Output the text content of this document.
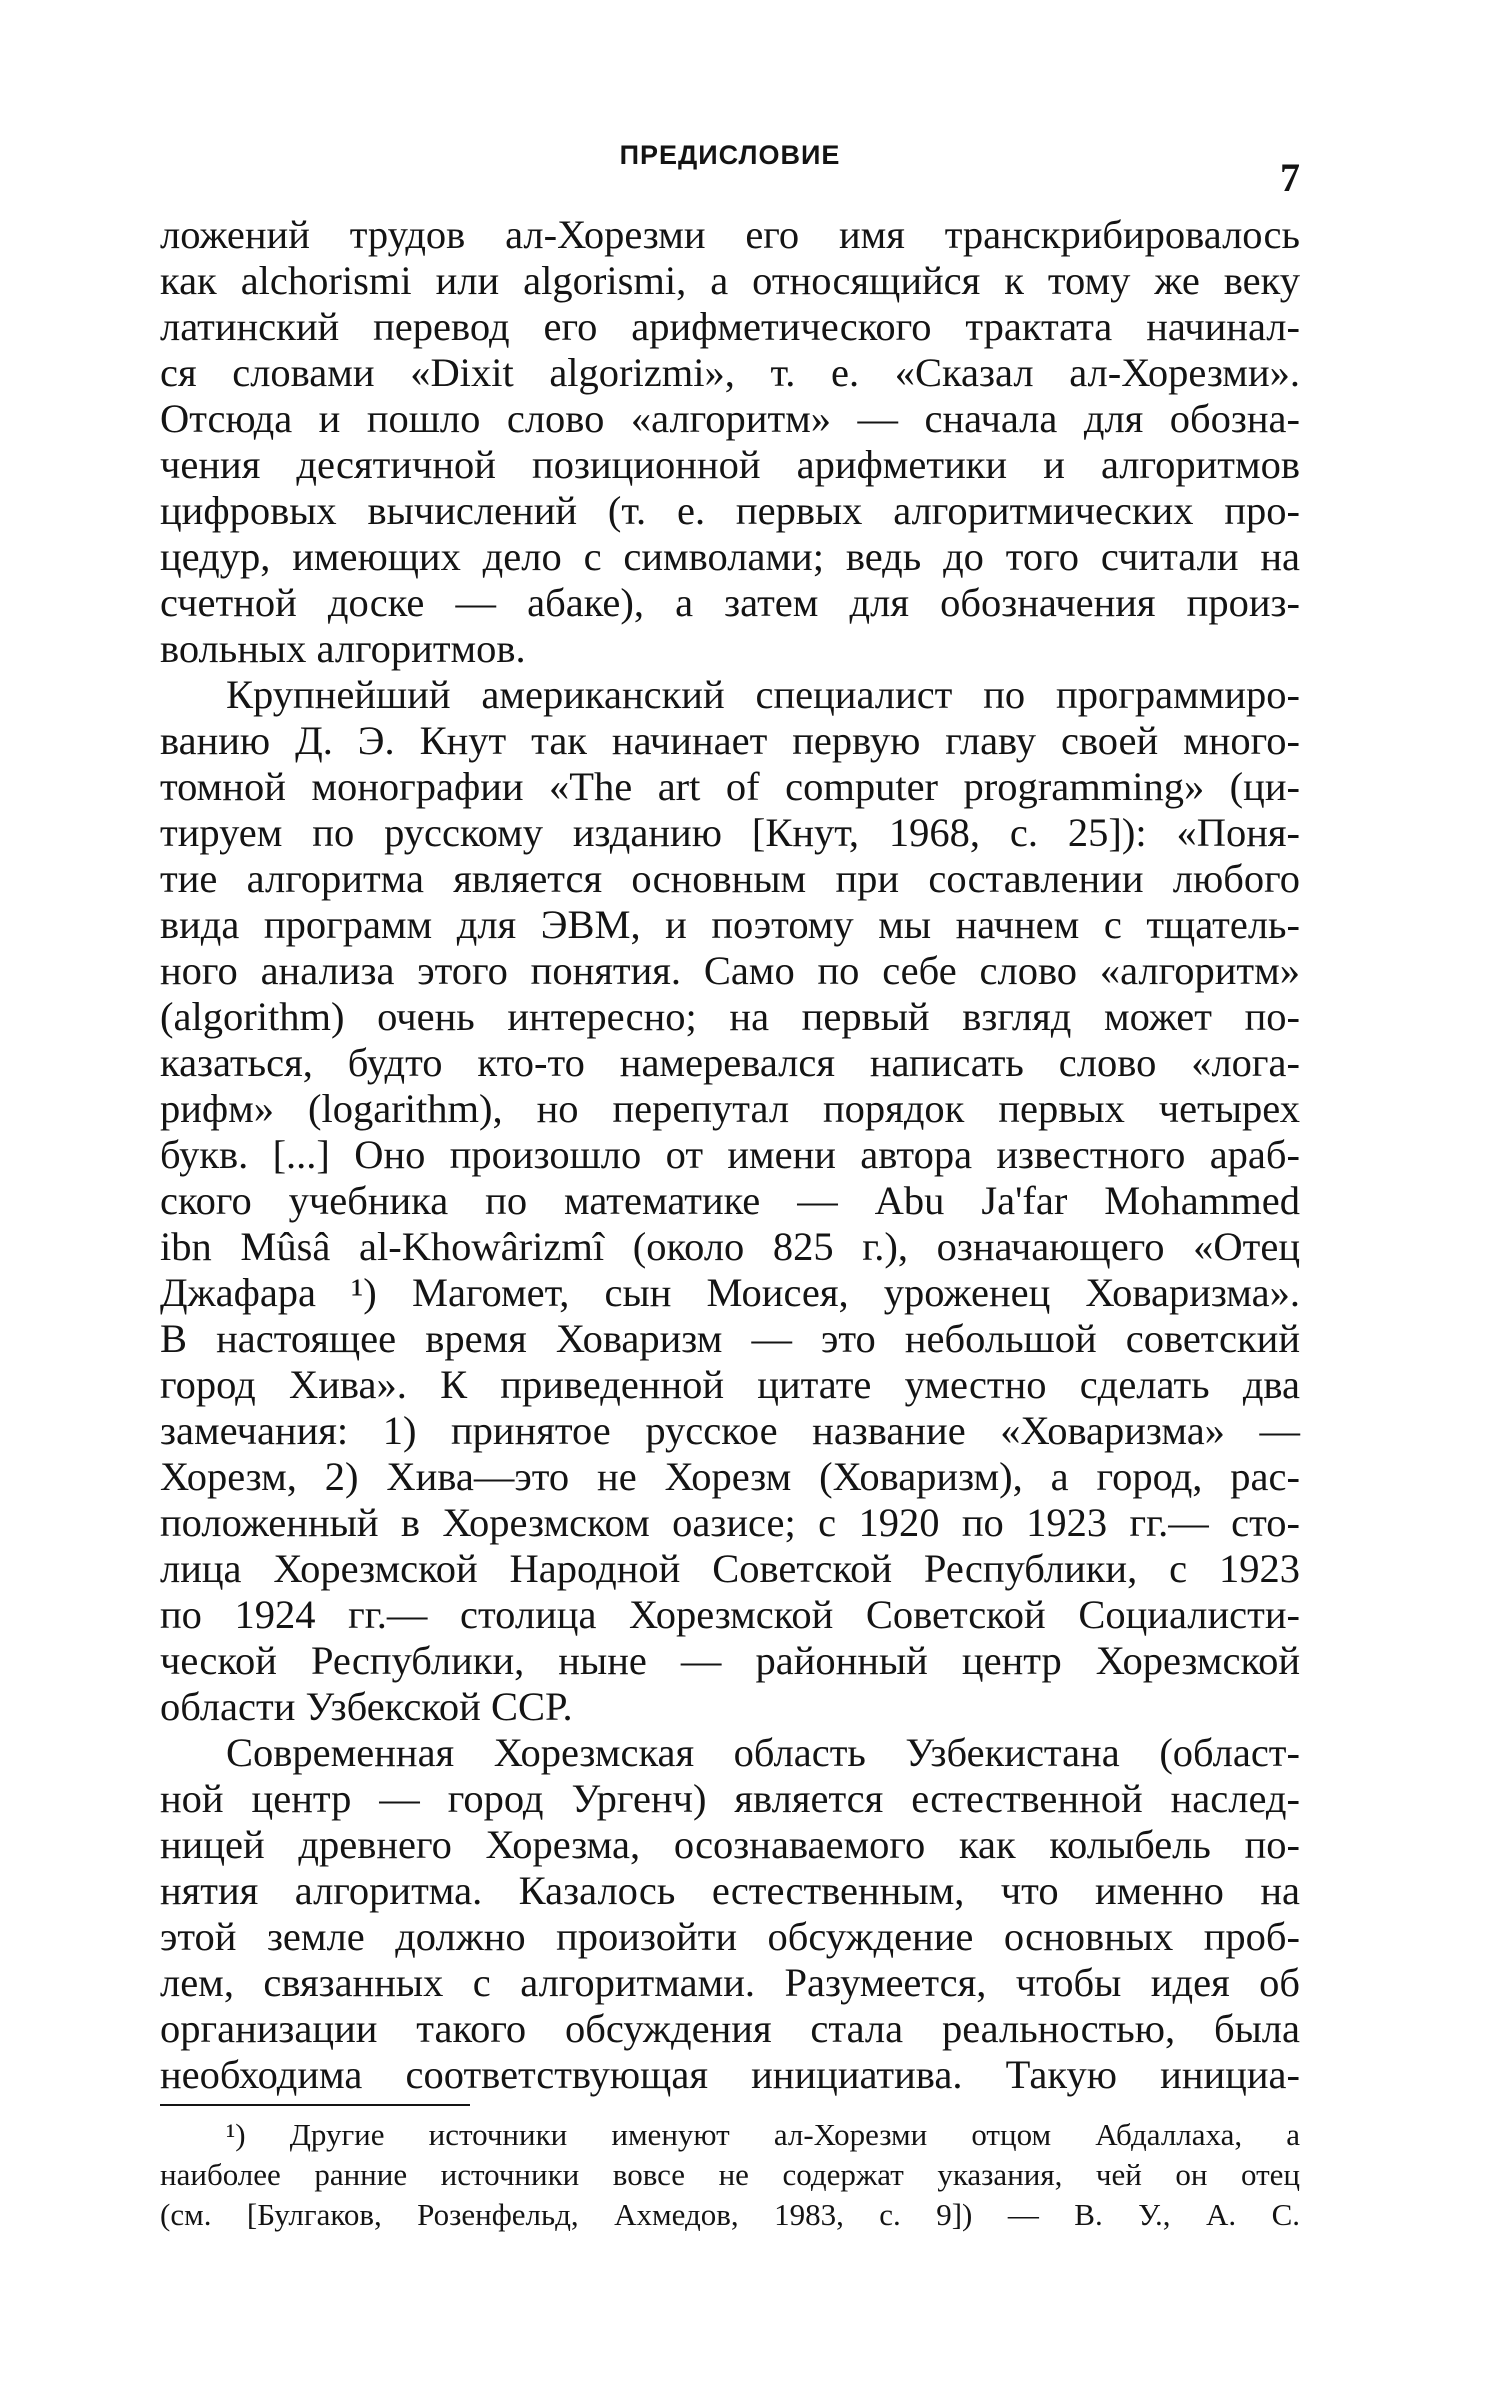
ПРЕДИСЛОВИЕ	7
ложений трудов ал-Хорезми его имя транскрибировалось
как alchorismi или algorismi, а относящийся к тому же веку
латинский перевод его арифметического трактата начинал-
ся словами «Dixit algorizmi», т. е. «Сказал ал-Хорезми».
Отсюда и пошло слово «алгоритм» — сначала для обозна-
чения десятичной позиционной арифметики и алгоритмов
цифровых вычислений (т. е. первых алгоритмических про-
цедур, имеющих дело с символами; ведь до того считали на
счетной доске — абаке), а затем для обозначения произ-
вольных алгоритмов.
Крупнейший американский специалист по программиро-
ванию Д. Э. Кнут так начинает первую главу своей много-
томной монографии «The art of computer programming» (ци-
тируем по русскому изданию [Кнут, 1968, с. 25]): «Поня-
тие алгоритма является основным при составлении любого
вида программ для ЭВМ, и поэтому мы начнем с тщатель-
ного анализа этого понятия. Само по себе слово «алгоритм»
(algorithm) очень интересно; на первый взгляд может по-
казаться, будто кто-то намеревался написать слово «лога-
рифм» (logarithm), но перепутал порядок первых четырех
букв. [...] Оно произошло от имени автора известного араб-
ского учебника по математике — Abu Ja'far Mohammed
ibn Mûsâ al-Khowârizmî (около 825 г.), означающего «Отец
Джафара ¹) Магомет, сын Моисея, уроженец Ховаризма».
В настоящее время Ховаризм — это небольшой советский
город Хива». К приведенной цитате уместно сделать два
замечания: 1) принятое русское название «Ховаризма» —
Хорезм, 2) Хива—это не Хорезм (Ховаризм), а город, рас-
положенный в Хорезмском оазисе; с 1920 по 1923 гг.— сто-
лица Хорезмской Народной Советской Республики, с 1923
по 1924 гг.— столица Хорезмской Советской Социалисти-
ческой Республики, ныне — районный центр Хорезмской
области Узбекской ССР.
Современная Хорезмская область Узбекистана (област-
ной центр — город Ургенч) является естественной наслед-
ницей древнего Хорезма, осознаваемого как колыбель по-
нятия алгоритма. Казалось естественным, что именно на
этой земле должно произойти обсуждение основных проб-
лем, связанных с алгоритмами. Разумеется, чтобы идея об
организации такого обсуждения стала реальностью, была
необходима соответствующая инициатива. Такую инициа-
¹) Другие источники именуют ал-Хорезми отцом Абдаллаха, а
наиболее ранние источники вовсе не содержат указания, чей он отец
(см. [Булгаков, Розенфельд, Ахмедов, 1983, с. 9]) — В. У., А. С.
